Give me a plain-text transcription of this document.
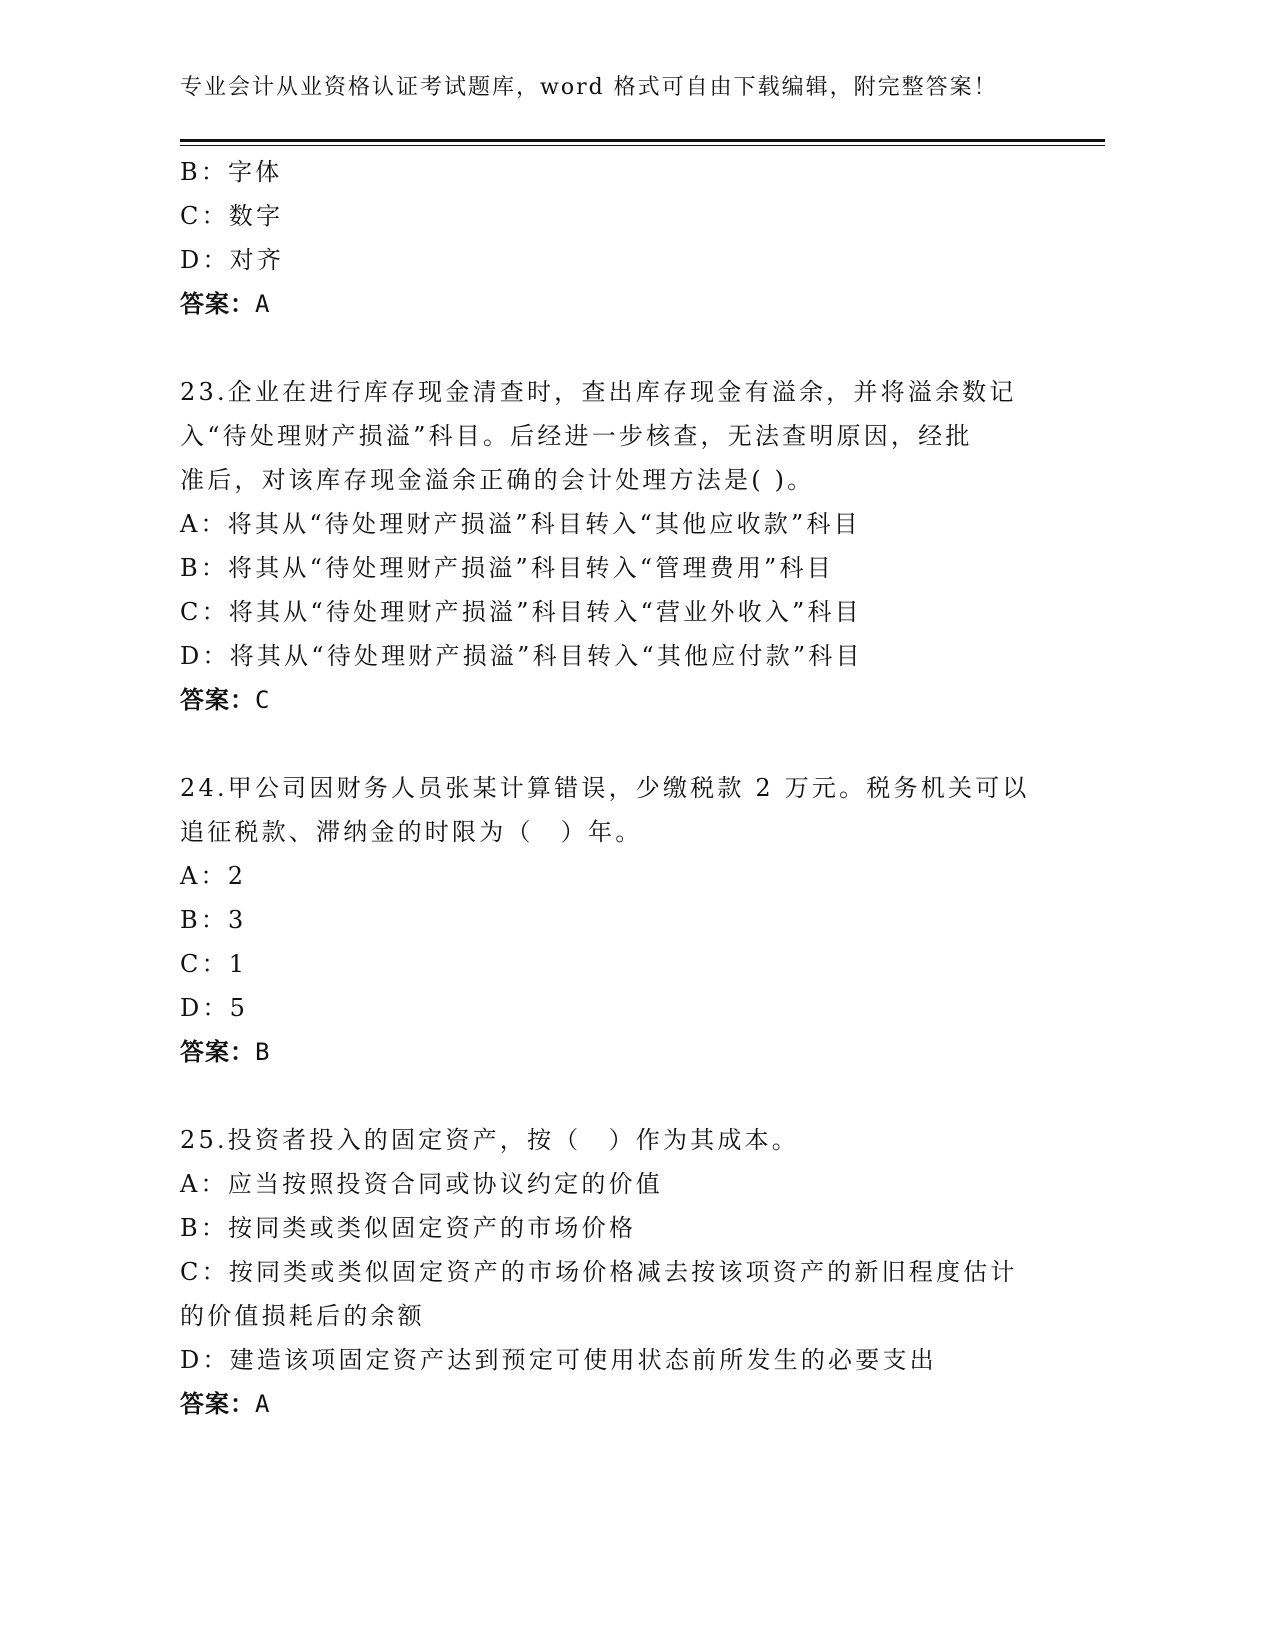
专业会计从业资格认证考试题库，word 格式可自由下载编辑，附完整答案！
B：字体
C：数字
D：对齐
答案：A
23.企业在进行库存现金清查时，查出库存现金有溢余，并将溢余数记
入“待处理财产损溢”科目。后经进一步核查，无法查明原因，经批
准后，对该库存现金溢余正确的会计处理方法是( )。
A：将其从“待处理财产损溢”科目转入“其他应收款”科目
B：将其从“待处理财产损溢”科目转入“管理费用”科目
C：将其从“待处理财产损溢”科目转入“营业外收入”科目
D：将其从“待处理财产损溢”科目转入“其他应付款”科目
答案：C
24.甲公司因财务人员张某计算错误，少缴税款 2 万元。税务机关可以
追征税款、滞纳金的时限为（　）年。
A：2
B：3
C：1
D：5
答案：B
25.投资者投入的固定资产，按（　）作为其成本。
A：应当按照投资合同或协议约定的价值
B：按同类或类似固定资产的市场价格
C：按同类或类似固定资产的市场价格减去按该项资产的新旧程度估计
的价值损耗后的余额
D：建造该项固定资产达到预定可使用状态前所发生的必要支出
答案：A
